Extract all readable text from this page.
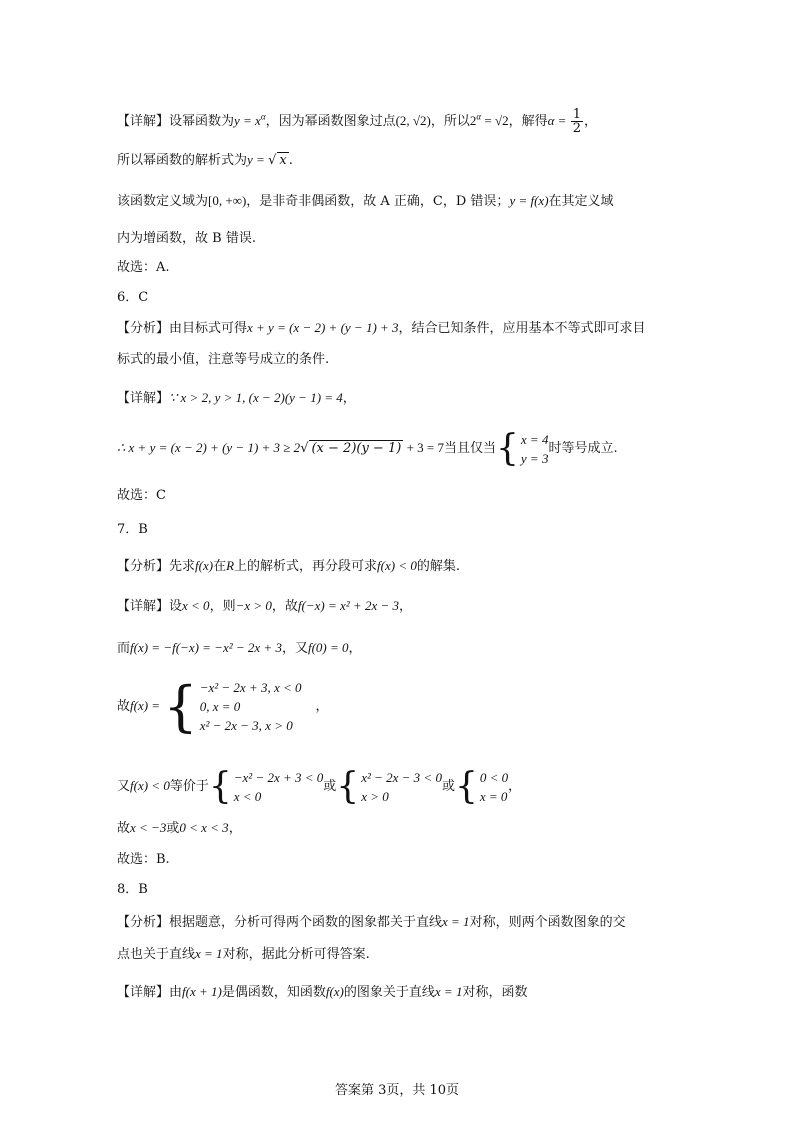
【详解】设幂函数为$y = x^\alpha$，因为幂函数图象过点(2, √2)，所以$2^\alpha = √2$，解得$\alpha = \frac{1}{2}$ ，
所以幂函数的解析式为y = √ x .
该函数定义域为[0, +∞)，是非奇非偶函数，故 A 正确，C，D 错误；y = f(x)在其定义域
内为增函数，故 B 错误.
故选：A.
6．C
【分析】由目标式可得x + y = (x − 2) + (y − 1) + 3，结合已知条件，应用基本不等式即可求目
标式的最小值，注意等号成立的条件.
【详解】∵ x > 2, y > 1, (x − 2)(y − 1) = 4，
∴ x + y = (x − 2) + (y − 1) + 3 ≥ 2√ (x − 2)(y − 1) + 3 = 7当且仅当 { x = 4
y = 3
时等号成立.
故选：C
7．B
【分析】先求f(x)在R上的解析式，再分段可求f(x) < 0的解集.
【详解】设x < 0，则−x > 0，故f(−x) = x² + 2x − 3，
而f(x) = −f(−x) = −x² − 2x + 3，又f(0) = 0，
故f(x) = { −x² − 2x + 3, x < 0
0, x = 0
x² − 2x − 3, x > 0
，
又f(x) < 0等价于 { −x² − 2x + 3 < 0
x < 0
或 { x² − 2x − 3 < 0
x > 0
或 { 0 < 0
x = 0
，
故x < −3或0 < x < 3，
故选：B.
8．B
【分析】根据题意，分析可得两个函数的图象都关于直线x = 1对称，则两个函数图象的交
点也关于直线x = 1对称，据此分析可得答案.
【详解】由f(x + 1)是偶函数，知函数f(x)的图象关于直线x = 1对称，函数
答案第 3页，共 10页
